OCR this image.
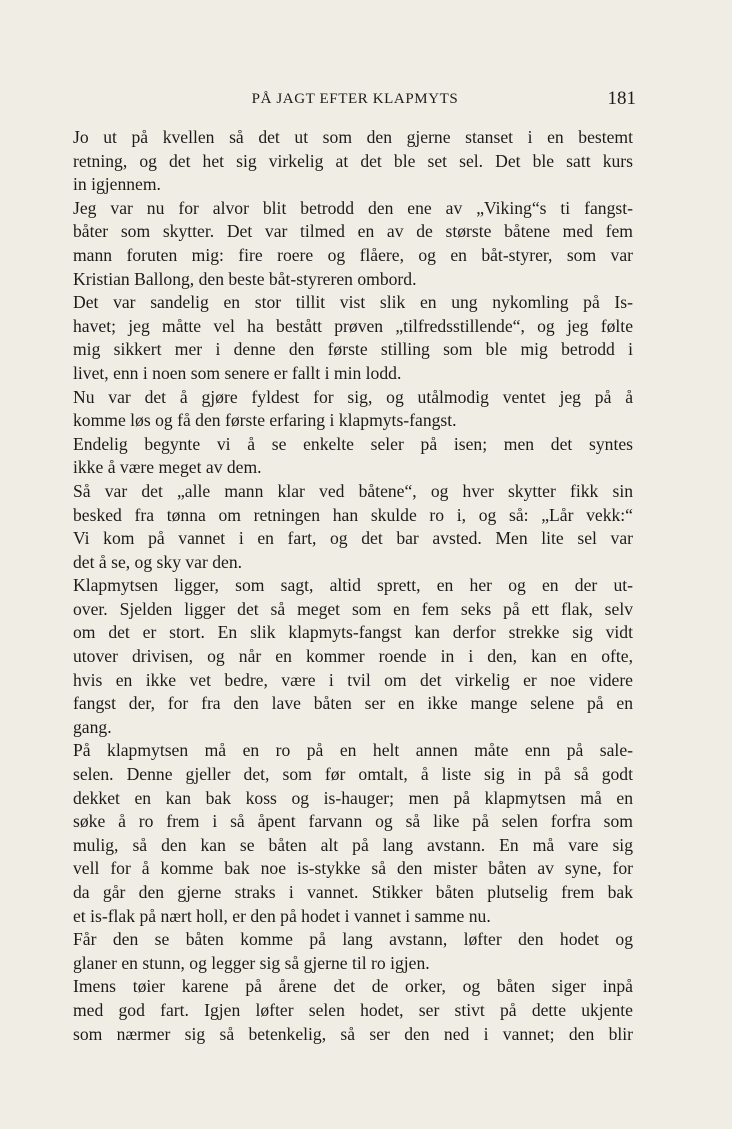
PÅ JAGT EFTER KLAPMYTS	181
Jo ut på kvellen så det ut som den gjerne stanset i en bestemt
retning, og det het sig virkelig at det ble set sel. Det ble satt kurs
in igjennem.
Jeg var nu for alvor blit betrodd den ene av „Viking“s ti fangst-
båter som skytter. Det var tilmed en av de største båtene med fem
mann foruten mig: fire roere og flåere, og en båt-styrer, som var
Kristian Ballong, den beste båt-styreren ombord.
Det var sandelig en stor tillit vist slik en ung nykomling på Is-
havet; jeg måtte vel ha bestått prøven „tilfredsstillende“, og jeg følte
mig sikkert mer i denne den første stilling som ble mig betrodd i
livet, enn i noen som senere er fallt i min lodd.
Nu var det å gjøre fyldest for sig, og utålmodig ventet jeg på å
komme løs og få den første erfaring i klapmyts-fangst.
Endelig begynte vi å se enkelte seler på isen; men det syntes
ikke å være meget av dem.
Så var det „alle mann klar ved båtene“, og hver skytter fikk sin
besked fra tønna om retningen han skulde ro i, og så: „Lår vekk:“
Vi kom på vannet i en fart, og det bar avsted. Men lite sel var
det å se, og sky var den.
Klapmytsen ligger, som sagt, altid sprett, en her og en der ut-
over. Sjelden ligger det så meget som en fem seks på ett flak, selv
om det er stort. En slik klapmyts-fangst kan derfor strekke sig vidt
utover drivisen, og når en kommer roende in i den, kan en ofte,
hvis en ikke vet bedre, være i tvil om det virkelig er noe videre
fangst der, for fra den lave båten ser en ikke mange selene på en
gang.
På klapmytsen må en ro på en helt annen måte enn på sale-
selen. Denne gjeller det, som før omtalt, å liste sig in på så godt
dekket en kan bak koss og is-hauger; men på klapmytsen må en
søke å ro frem i så åpent farvann og så like på selen forfra som
mulig, så den kan se båten alt på lang avstann. En må vare sig
vell for å komme bak noe is-stykke så den mister båten av syne, for
da går den gjerne straks i vannet. Stikker båten plutselig frem bak
et is-flak på nært holl, er den på hodet i vannet i samme nu.
Får den se båten komme på lang avstann, løfter den hodet og
glaner en stunn, og legger sig så gjerne til ro igjen.
Imens tøier karene på årene det de orker, og båten siger inpå
med god fart. Igjen løfter selen hodet, ser stivt på dette ukjente
som nærmer sig så betenkelig, så ser den ned i vannet; den blir
